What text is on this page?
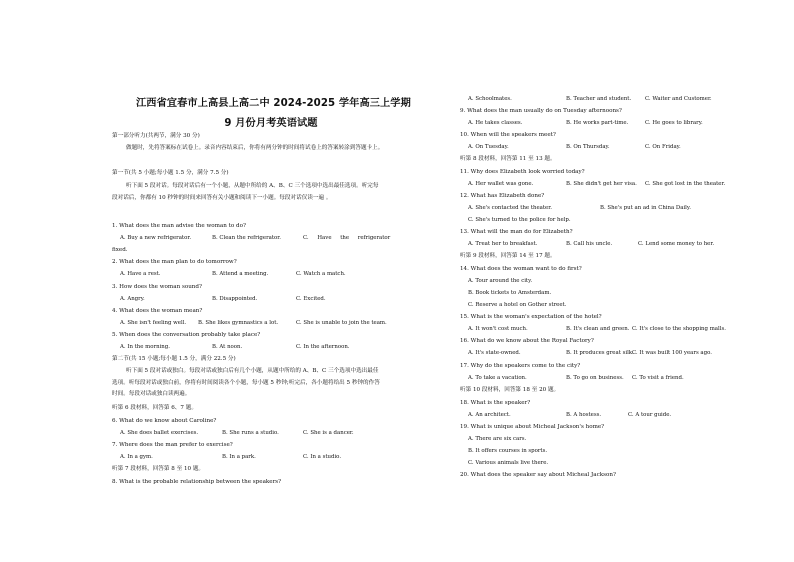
江西省宜春市上高县上高二中 2024-2025 学年高三上学期
9 月份月考英语试题
第一部分听力(共两节，满分 30 分)
做题时，先将答案标在试卷上。录音内容结束后，你将有两分钟的时间将试卷上的答案转涂到答题卡上。
第一节(共 5 小题;每小题 1.5 分，满分 7.5 分)
听下面 5 段对话。每段对话后有一个小题，从题中所给的 A、B、C 三个选项中选出最佳选项。听完每段对话后，你都有 10 秒钟的时间来回答有关小题和阅读下一小题。每段对话仅读一遍 。
1. What does the man advise the woman to do?
A. Buy a new refrigerator.	B. Clean the refrigerator.	C. Have the refrigerator
fixed.
2. What does the man plan to do tomorrow?
A. Have a rest.	B. Attend a meeting.	C. Watch a match.
3. How does the woman sound?
A. Angry.	B. Disappointed.	C. Excited.
4. What does the woman mean?
A. She isn't feeling well. B. She likes gymnastics a lot.	C. She is unable to join the team.
5. When does the conversation probably take place?
A. In the morning.	B. At noon.	C. In the afternoon.
第二节(共 15 小题;每小题 1.5 分，满分 22.5 分)
听下面 5 段对话或独白。每段对话或独白后有几个小题，从题中所给的 A、B、C 三个选项中选出最佳选项。听每段对话或独白前，你将有时间阅读各个小题，每小题 5 秒钟;听完后，各小题将给出 5 秒钟的作答时间。每段对话或独白读两遍。
听第 6 段材料，回答第 6、7 题。
6. What do we know about Caroline?
A. She does ballet exercises.	B. She runs a studio.	C. She is a dancer.
7. Where does the man prefer to exercise?
A. In a gym.	B. In a park.	C. In a studio.
听第 7 段材料，回答第 8 至 10 题。
8. What is the probable relationship between the speakers?
A. Schoolmates.	B. Teacher and student.	C. Waiter and Customer.
9. What does the man usually do on Tuesday afternoons?
A. He takes classes.	B. He works part-time.	C. He goes to library.
10. When will the speakers meet?
A. On Tuesday.	B. On Thursday.	C. On Friday.
听第 8 段材料，回答第 11 至 13 题。
11. Why does Elizabeth look worried today?
A. Her wallet was gone.	B. She didn't get her visa. C. She got lost in the theater.
12. What has Elizabeth done?
A. She's contacted the theater.	B. She's put an ad in China Daily.
C. She's turned to the police for help.
13. What will the man do for Elizabeth?
A. Treat her to breakfast.	B. Call his uncle.	C. Lend some money to her.
听第 9 段材料，回答第 14 至 17 题。
14. What does the woman want to do first?
A. Tour around the city.
B. Book tickets to Amsterdam.
C. Reserve a hotel on Gother street.
15. What is the woman's expectation of the hotel?
A. It won't cost much.	B. It's clean and green. C. It's close to the shopping malls.
16. What do we know about the Royal Factory?
A. It's state-owned.	B. It produces great silk.
C. It was built 100 years ago.
17. Why do the speakers come to the city?
A. To take a vacation.	B. To go on business. C. To visit a friend.
听第 10 段材料，回答第 18 至 20 题。
18. What is the speaker?
A. An architect.	B. A hostess.	C. A tour guide.
19. What is unique about Micheal Jackson's home?
A. There are six cars.
B. It offers courses in sports.
C. Various animals live there.
20. What does the speaker say about Micheal Jackson?
